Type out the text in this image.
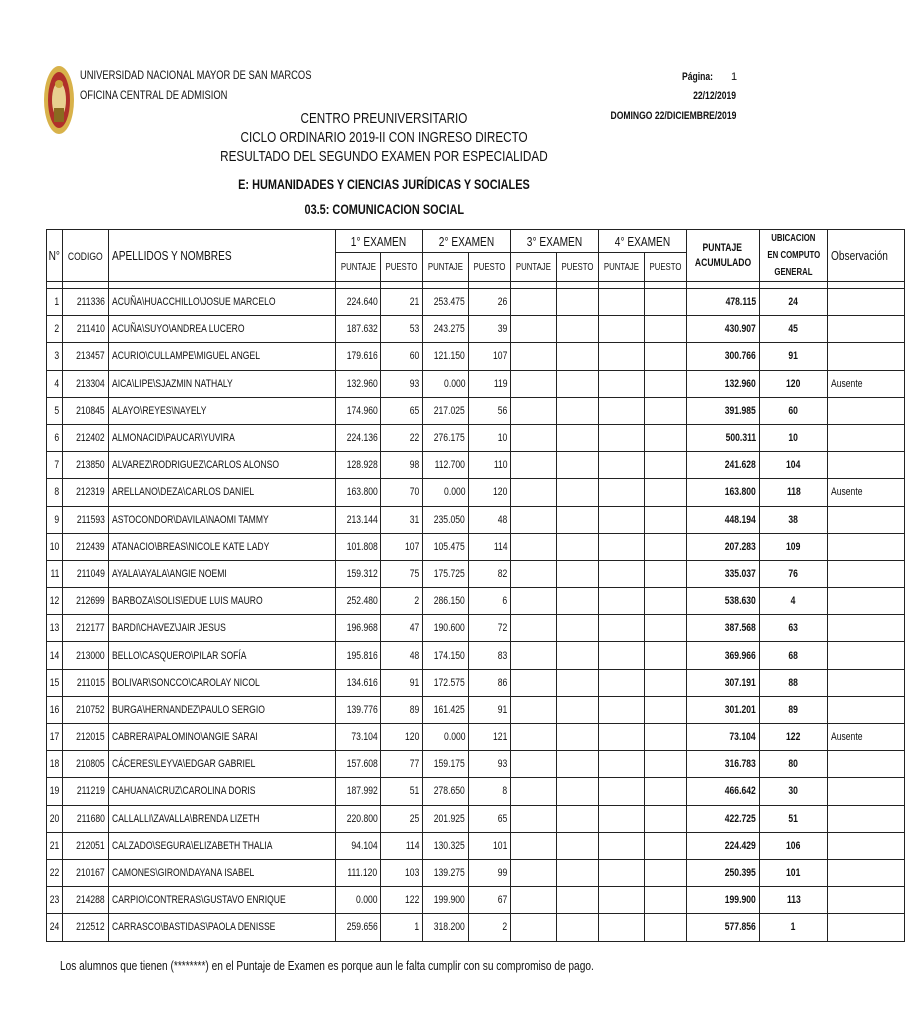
UNIVERSIDAD NACIONAL MAYOR DE SAN MARCOS
OFICINA CENTRAL DE ADMISION
Página:	1
22/12/2019
DOMINGO 22/DICIEMBRE/2019
CENTRO PREUNIVERSITARIO
CICLO ORDINARIO 2019-II CON INGRESO DIRECTO
RESULTADO DEL SEGUNDO EXAMEN POR ESPECIALIDAD
E: HUMANIDADES Y CIENCIAS JURÍDICAS Y SOCIALES
03.5: COMUNICACION SOCIAL
N°	CODIGO	APELLIDOS Y NOMBRES	1° EXAMEN		2° EXAMEN		3° EXAMEN		4° EXAMEN		PUNTAJE
ACUMULADO	UBICACION
EN COMPUTO
GENERAL	Observación
			PUNTAJE	PUESTO	PUNTAJE	PUESTO	PUNTAJE	PUESTO	PUNTAJE	PUESTO			

1	211336	ACUÑA\HUACCHILLO\JOSUE MARCELO	224.640	21	253.475	26					478.115	24	
2	211410	ACUÑA\SUYO\ANDREA LUCERO	187.632	53	243.275	39					430.907	45	
3	213457	ACURIO\CULLAMPE\MIGUEL ANGEL	179.616	60	121.150	107					300.766	91	
4	213304	AICA\LIPE\SJAZMIN NATHALY	132.960	93	0.000	119					132.960	120	Ausente
5	210845	ALAYO\REYES\NAYELY	174.960	65	217.025	56					391.985	60	
6	212402	ALMONACID\PAUCAR\YUVIRA	224.136	22	276.175	10					500.311	10	
7	213850	ALVAREZ\RODRIGUEZ\CARLOS ALONSO	128.928	98	112.700	110					241.628	104	
8	212319	ARELLANO\DEZA\CARLOS DANIEL	163.800	70	0.000	120					163.800	118	Ausente
9	211593	ASTOCONDOR\DAVILA\NAOMI TAMMY	213.144	31	235.050	48					448.194	38	
10	212439	ATANACIO\BREAS\NICOLE KATE LADY	101.808	107	105.475	114					207.283	109	
11	211049	AYALA\AYALA\ANGIE NOEMI	159.312	75	175.725	82					335.037	76	
12	212699	BARBOZA\SOLIS\EDUE LUIS MAURO	252.480	2	286.150	6					538.630	4	
13	212177	BARDI\CHAVEZ\JAIR JESUS	196.968	47	190.600	72					387.568	63	
14	213000	BELLO\CASQUERO\PILAR SOFÍA	195.816	48	174.150	83					369.966	68	
15	211015	BOLIVAR\SONCCO\CAROLAY NICOL	134.616	91	172.575	86					307.191	88	
16	210752	BURGA\HERNANDEZ\PAULO SERGIO	139.776	89	161.425	91					301.201	89	
17	212015	CABRERA\PALOMINO\ANGIE SARAI	73.104	120	0.000	121					73.104	122	Ausente
18	210805	CÁCERES\LEYVA\EDGAR GABRIEL	157.608	77	159.175	93					316.783	80	
19	211219	CAHUANA\CRUZ\CAROLINA DORIS	187.992	51	278.650	8					466.642	30	
20	211680	CALLALLI\ZAVALLA\BRENDA LIZETH	220.800	25	201.925	65					422.725	51	
21	212051	CALZADO\SEGURA\ELIZABETH THALIA	94.104	114	130.325	101					224.429	106	
22	210167	CAMONES\GIRON\DAYANA ISABEL	111.120	103	139.275	99					250.395	101	
23	214288	CARPIO\CONTRERAS\GUSTAVO ENRIQUE	0.000	122	199.900	67					199.900	113	
24	212512	CARRASCO\BASTIDAS\PAOLA DENISSE	259.656	1	318.200	2					577.856	1	
Los alumnos que tienen (********) en el Puntaje de Examen es porque aun le falta cumplir con su compromiso de pago.
